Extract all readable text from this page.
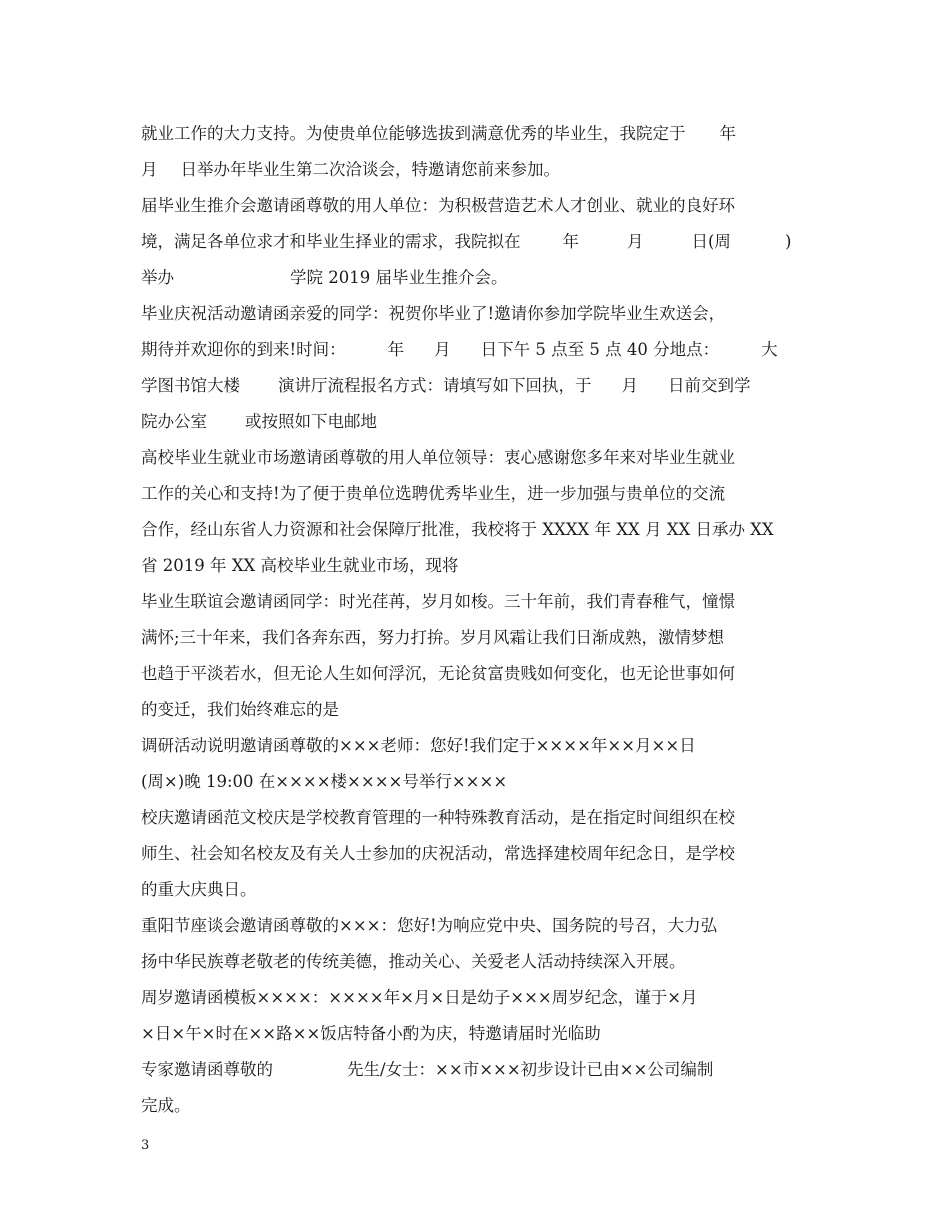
就业工作的大力支持。为使贵单位能够选拔到满意优秀的毕业生，我院定于 年
月 日举办年毕业生第二次洽谈会，特邀请您前来参加。
届毕业生推介会邀请函尊敬的用人单位：为积极营造艺术人才创业、就业的良好环
境，满足各单位求才和毕业生择业的需求，我院拟在	年	月	日(周	)
举办	学院 2019 届毕业生推介会。
毕业庆祝活动邀请函亲爱的同学：祝贺你毕业了!邀请你参加学院毕业生欢送会，
期待并欢迎你的到来!时间：	年 月 日下午 5 点至 5 点 40 分地点：	大
学图书馆大楼 演讲厅流程报名方式：请填写如下回执，于 月 日前交到学
院办公室 或按照如下电邮地
高校毕业生就业市场邀请函尊敬的用人单位领导：衷心感谢您多年来对毕业生就业
工作的关心和支持!为了便于贵单位选聘优秀毕业生，进一步加强与贵单位的交流
合作，经山东省人力资源和社会保障厅批准，我校将于 XXXX 年 XX 月 XX 日承办 XX
省 2019 年 XX 高校毕业生就业市场，现将
毕业生联谊会邀请函同学：时光荏苒，岁月如梭。三十年前，我们青春稚气，憧憬
满怀;三十年来，我们各奔东西，努力打拚。岁月风霜让我们日渐成熟，激情梦想
也趋于平淡若水，但无论人生如何浮沉，无论贫富贵贱如何变化，也无论世事如何
的变迁，我们始终难忘的是
调研活动说明邀请函尊敬的×××老师：您好!我们定于××××年××月××日
(周×)晚 19:00 在××××楼××××号举行××××
校庆邀请函范文校庆是学校教育管理的一种特殊教育活动，是在指定时间组织在校
师生、社会知名校友及有关人士参加的庆祝活动，常选择建校周年纪念日，是学校
的重大庆典日。
重阳节座谈会邀请函尊敬的×××：您好!为响应党中央、国务院的号召，大力弘
扬中华民族尊老敬老的传统美德，推动关心、关爱老人活动持续深入开展。
周岁邀请函模板××××：××××年×月×日是幼子×××周岁纪念，谨于×月
×日×午×时在××路××饭店特备小酌为庆，特邀请届时光临助
专家邀请函尊敬的	先生/女士：××市×××初步设计已由××公司编制
完成。
3
